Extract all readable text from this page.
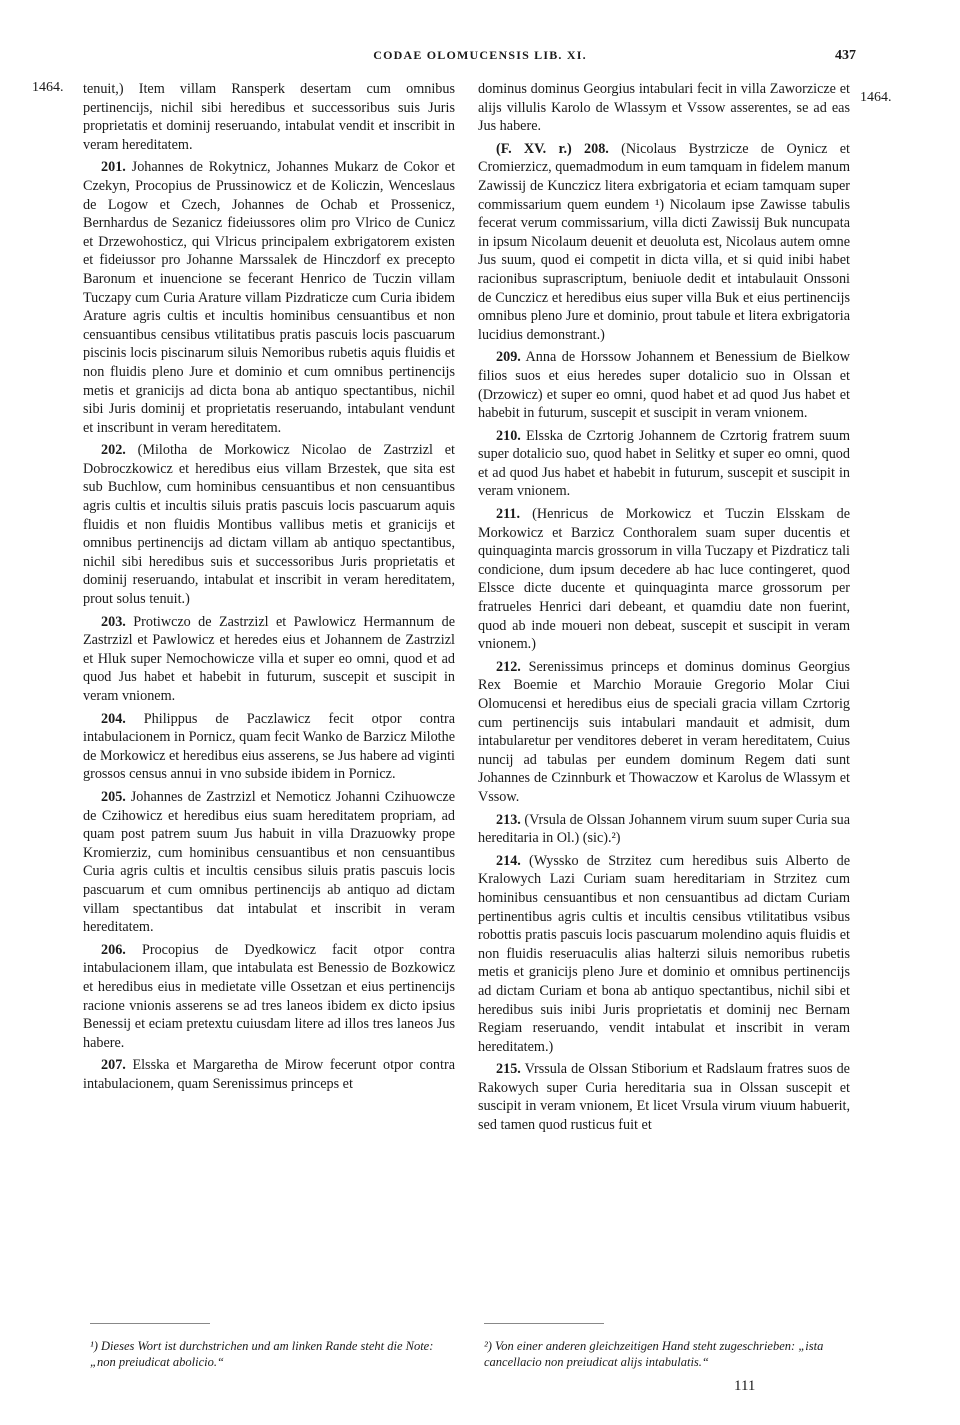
CODAE OLOMUCENSIS LIB. XI.	437
1464.
1464.

tenuit,) Item villam Ransperk desertam cum omnibus pertinencijs, nichil sibi heredibus et successoribus suis Juris proprietatis et dominij reseruando, intabulat vendit et inscribit in veram hereditatem.

201. Johannes de Rokytnicz, Johannes Mukarz de Cokor et Czekyn, Procopius de Prussinowicz et de Koliczin, Wenceslaus de Logow et Czech, Johannes de Ochab et Prossenicz, Bernhardus de Sezanicz fideiussores olim pro Vlrico de Cunicz et Drzewohosticz, qui Vlricus principalem exbrigatorem existen et fideiussor pro Johanne Marssalek de Hinczdorf ex precepto Baronum et inuencione se fecerant Henrico de Tuczin villam Tuczapy cum Curia Arature villam Pizdraticze cum Curia ibidem Arature agris cultis et incultis hominibus censuantibus et non censuantibus censibus vtilitatibus pratis pascuis locis pascuarum piscinis locis piscinarum siluis Nemoribus rubetis aquis fluidis et non fluidis pleno Jure et dominio et cum omnibus pertinencijs metis et granicijs ad dicta bona ab antiquo spectantibus, nichil sibi Juris dominij et proprietatis reseruando, intabulant vendunt et inscribunt in veram hereditatem.

202. (Milotha de Morkowicz Nicolao de Zastrzizl et Dobroczkowicz et heredibus eius villam Brzestek, que sita est sub Buchlow, cum hominibus censuantibus et non censuantibus agris cultis et incultis siluis pratis pascuis locis pascuarum aquis fluidis et non fluidis Montibus vallibus metis et granicijs et omnibus pertinencijs ad dictam villam ab antiquo spectantibus, nichil sibi heredibus suis et successoribus Juris proprietatis et dominij reseruando, intabulat et inscribit in veram hereditatem, prout solus tenuit.)

203. Protiwczo de Zastrzizl et Pawlowicz Hermannum de Zastrzizl et Pawlowicz et heredes eius et Johannem de Zastrzizl et Hluk super Nemochowicze villa et super eo omni, quod et ad quod Jus habet et habebit in futurum, suscepit et suscipit in veram vnionem.

204. Philippus de Paczlawicz fecit otpor contra intabulacionem in Pornicz, quam fecit Wanko de Barzicz Milothe de Morkowicz et heredibus eius asserens, se Jus habere ad viginti grossos census annui in vno subside ibidem in Pornicz.

205. Johannes de Zastrzizl et Nemoticz Johanni Czihuowcze de Czihowicz et heredibus eius suam hereditatem propriam, ad quam post patrem suum Jus habuit in villa Drazuowky prope Kromierziz, cum hominibus censuantibus et non censuantibus Curia agris cultis et incultis censibus siluis pratis pascuis locis pascuarum et cum omnibus pertinencijs ab antiquo ad dictam villam spectantibus dat intabulat et inscribit in veram hereditatem.

206. Procopius de Dyedkowicz facit otpor contra intabulacionem illam, que intabulata est Benessio de Bozkowicz et heredibus eius in medietate ville Ossetzan et eius pertinencijs racione vnionis asserens se ad tres laneos ibidem ex dicto ipsius Benessij et eciam pretextu cuiusdam litere ad illos tres laneos Jus habere.

207. Elsska et Margaretha de Mirow fecerunt otpor contra intabulacionem, quam Serenissimus princeps et

dominus dominus Georgius intabulari fecit in villa Zaworzicze et alijs villulis Karolo de Wlassym et Vssow asserentes, se ad eas Jus habere.

(F. XV. r.) 208. (Nicolaus Bystrzicze de Oynicz et Cromierzicz, quemadmodum in eum tamquam in fidelem manum Zawissij de Kunczicz litera exbrigatoria et eciam tamquam super commissarium quem eundem ¹) Nicolaum ipse Zawisse tabulis fecerat verum commissarium, villa dicti Zawissij Buk nuncupata in ipsum Nicolaum deuenit et deuoluta est, Nicolaus autem omne Jus suum, quod ei competit in dicta villa, et si quid inibi habet racionibus suprascriptum, beniuole dedit et intabulauit Onssoni de Cunczicz et heredibus eius super villa Buk et eius pertinencijs omnibus pleno Jure et dominio, prout tabule et litera exbrigatoria lucidius demonstrant.)

209. Anna de Horssow Johannem et Benessium de Bielkow filios suos et eius heredes super dotalicio suo in Olssan et (Drzowicz) et super eo omni, quod habet et ad quod Jus habet et habebit in futurum, suscepit et suscipit in veram vnionem.

210. Elsska de Czrtorig Johannem de Czrtorig fratrem suum super dotalicio suo, quod habet in Selitky et super eo omni, quod et ad quod Jus habet et habebit in futurum, suscepit et suscipit in veram vnionem.

211. (Henricus de Morkowicz et Tuczin Elsskam de Morkowicz et Barzicz Conthoralem suam super ducentis et quinquaginta marcis grossorum in villa Tuczapy et Pizdraticz tali condicione, dum ipsum decedere ab hac luce contingeret, quod Elssce dicte ducente et quinquaginta marce grossorum per fratrueles Henrici dari debeant, et quamdiu date non fuerint, quod ab inde moueri non debeat, suscepit et suscipit in veram vnionem.)

212. Serenissimus princeps et dominus dominus Georgius Rex Boemie et Marchio Morauie Gregorio Molar Ciui Olomucensi et heredibus eius de speciali gracia villam Czrtorig cum pertinencijs suis intabulari mandauit et admisit, dum intabularetur per venditores deberet in veram hereditatem, Cuius nuncij ad tabulas per eundem dominum Regem dati sunt Johannes de Czinnburk et Thowaczow et Karolus de Wlassym et Vssow.

213. (Vrsula de Olssan Johannem virum suum super Curia sua hereditaria in Ol.) (sic).²)

214. (Wyssko de Strzitez cum heredibus suis Alberto de Kralowych Lazi Curiam suam hereditariam in Strzitez cum hominibus censuantibus et non censuantibus ad dictam Curiam pertinentibus agris cultis et incultis censibus vtilitatibus vsibus robottis pratis pascuis locis pascuarum molendino aquis fluidis et non fluidis reseruaculis alias halterzi siluis nemoribus rubetis metis et granicijs pleno Jure et dominio et omnibus pertinencijs ad dictam Curiam et bona ab antiquo spectantibus, nichil sibi et heredibus suis inibi Juris proprietatis et dominij nec Bernam Regiam reseruando, vendit intabulat et inscribit in veram hereditatem.)

215. Vrssula de Olssan Stiborium et Radslaum fratres suos de Rakowych super Curia hereditaria sua in Olssan suscepit et suscipit in veram vnionem, Et licet Vrsula virum viuum habuerit, sed tamen quod rusticus fuit et

¹) Dieses Wort ist durchstrichen und am linken Rande steht die Note: „non preiudicat abolicio.“
²) Von einer anderen gleichzeitigen Hand steht zugeschrieben: „ista cancellacio non preiudicat alijs intabulatis.“
111
